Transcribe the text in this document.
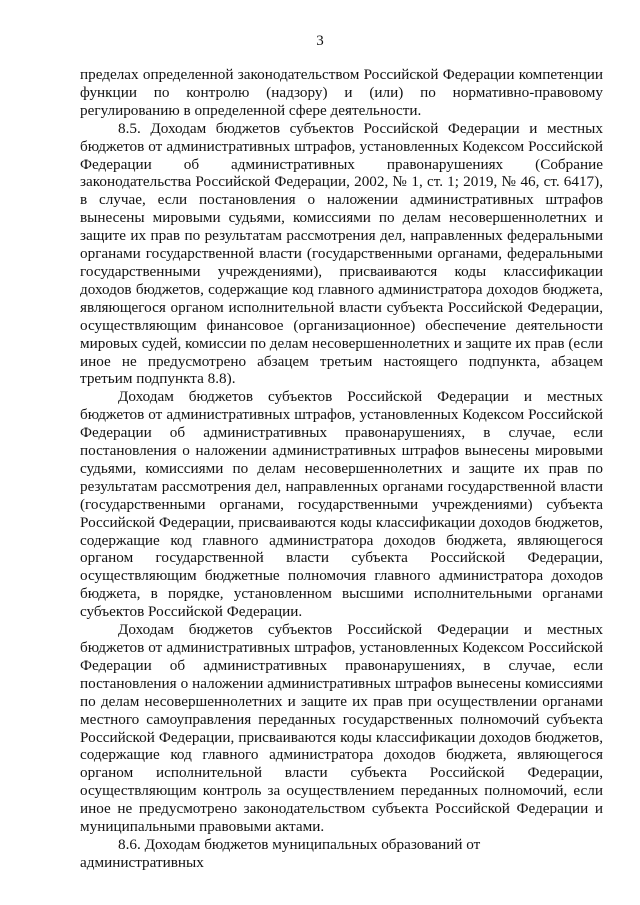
3

пределах определенной законодательством Российской Федерации компетенции функции по контролю (надзору) и (или) по нормативно-правовому регулированию в определенной сфере деятельности.

8.5. Доходам бюджетов субъектов Российской Федерации и местных бюджетов от административных штрафов, установленных Кодексом Российской Федерации об административных правонарушениях (Собрание законодательства Российской Федерации, 2002, № 1, ст. 1; 2019, № 46, ст. 6417), в случае, если постановления о наложении административных штрафов вынесены мировыми судьями, комиссиями по делам несовершеннолетних и защите их прав по результатам рассмотрения дел, направленных федеральными органами государственной власти (государственными органами, федеральными государственными учреждениями), присваиваются коды классификации доходов бюджетов, содержащие код главного администратора доходов бюджета, являющегося органом исполнительной власти субъекта Российской Федерации, осуществляющим финансовое (организационное) обеспечение деятельности мировых судей, комиссии по делам несовершеннолетних и защите их прав (если иное не предусмотрено абзацем третьим настоящего подпункта, абзацем третьим подпункта 8.8).

Доходам бюджетов субъектов Российской Федерации и местных бюджетов от административных штрафов, установленных Кодексом Российской Федерации об административных правонарушениях, в случае, если постановления о наложении административных штрафов вынесены мировыми судьями, комиссиями по делам несовершеннолетних и защите их прав по результатам рассмотрения дел, направленных органами государственной власти (государственными органами, государственными учреждениями) субъекта Российской Федерации, присваиваются коды классификации доходов бюджетов, содержащие код главного администратора доходов бюджета, являющегося органом государственной власти субъекта Российской Федерации, осуществляющим бюджетные полномочия главного администратора доходов бюджета, в порядке, установленном высшими исполнительными органами субъектов Российской Федерации.

Доходам бюджетов субъектов Российской Федерации и местных бюджетов от административных штрафов, установленных Кодексом Российской Федерации об административных правонарушениях, в случае, если постановления о наложении административных штрафов вынесены комиссиями по делам несовершеннолетних и защите их прав при осуществлении органами местного самоуправления переданных государственных полномочий субъекта Российской Федерации, присваиваются коды классификации доходов бюджетов, содержащие код главного администратора доходов бюджета, являющегося органом исполнительной власти субъекта Российской Федерации, осуществляющим контроль за осуществлением переданных полномочий, если иное не предусмотрено законодательством субъекта Российской Федерации и муниципальными правовыми актами.

8.6. Доходам бюджетов муниципальных образований от административных
